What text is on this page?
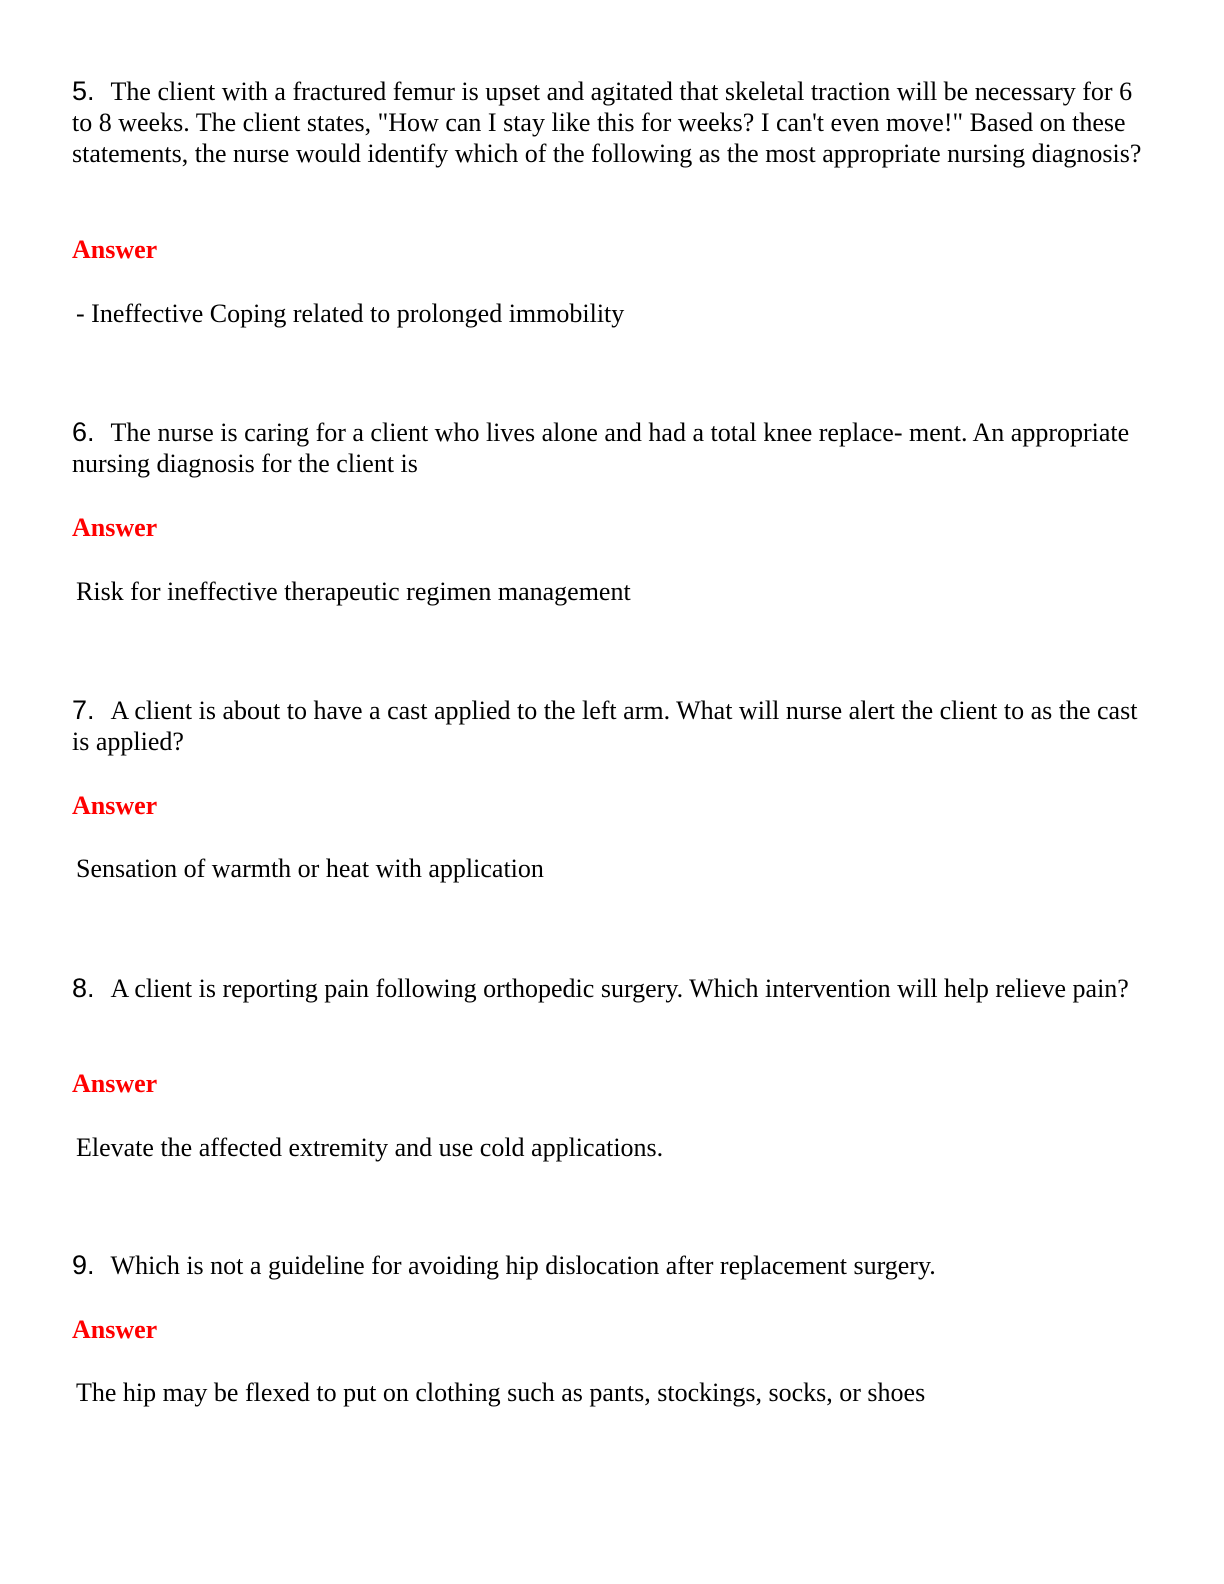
5. The client with a fractured femur is upset and agitated that skeletal traction will be necessary for 6 to 8 weeks. The client states, "How can I stay like this for weeks? I can't even move!" Based on these statements, the nurse would identify which of the following as the most appropriate nursing diagnosis?

Answer

- Ineffective Coping related to prolonged immobility

6. The nurse is caring for a client who lives alone and had a total knee replace- ment. An appropriate nursing diagnosis for the client is

Answer

Risk for ineffective therapeutic regimen management

7. A client is about to have a cast applied to the left arm. What will nurse alert the client to as the cast is applied?

Answer

Sensation of warmth or heat with application

8. A client is reporting pain following orthopedic surgery. Which intervention will help relieve pain?

Answer

Elevate the affected extremity and use cold applications.

9. Which is not a guideline for avoiding hip dislocation after replacement surgery.

Answer

The hip may be flexed to put on clothing such as pants, stockings, socks, or shoes
